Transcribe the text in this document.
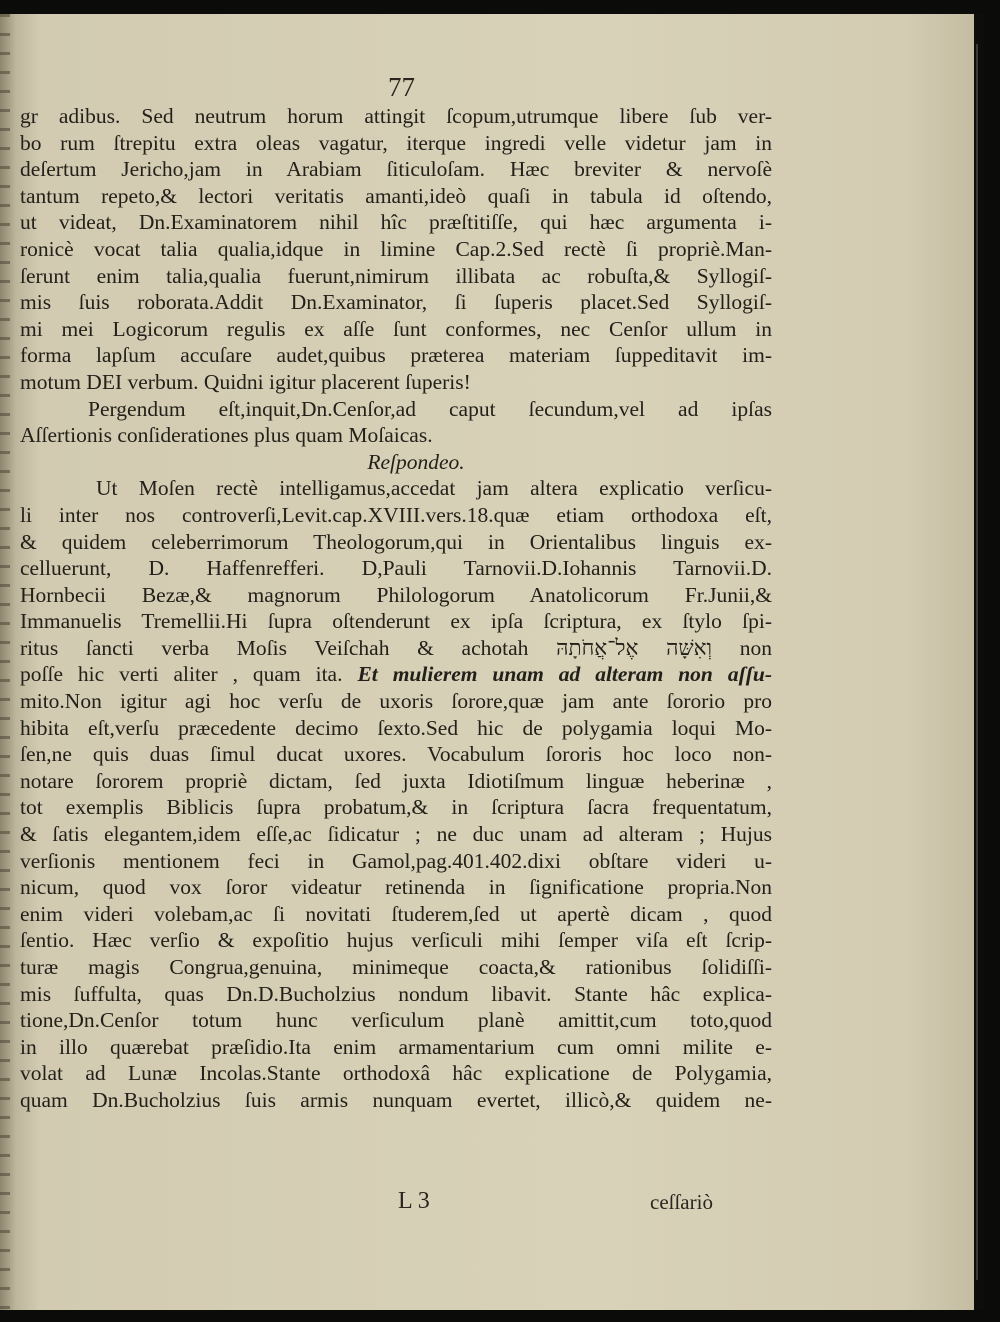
77
gr adibus. Sed neutrum horum attingit ſcopum,utrumque libere ſub ver-
bo rum ſtrepitu extra oleas vagatur, iterque ingredi velle videtur jam in
deſertum Jericho,jam in Arabiam ſiticuloſam. Hæc breviter & nervoſè
tantum repeto,& lectori veritatis amanti,ideò quaſi in tabula id oſtendo,
ut videat, Dn.Examinatorem nihil hîc præſtitiſſe, qui hæc argumenta i-
ronicè vocat talia qualia,idque in limine Cap.2.Sed rectè ſi propriè.Man-
ſerunt enim talia,qualia fuerunt,nimirum illibata ac robuſta,& Syllogiſ-
mis ſuis roborata.Addit Dn.Examinator, ſi ſuperis placet.Sed Syllogiſ-
mi mei Logicorum regulis ex aſſe ſunt conformes, nec Cenſor ullum in
forma lapſum accuſare audet,quibus præterea materiam ſuppeditavit im-
motum DEI verbum. Quidni igitur placerent ſuperis!
Pergendum eſt,inquit,Dn.Cenſor,ad caput ſecundum,vel ad ipſas
Aſſertionis conſiderationes plus quam Moſaicas.
Reſpondeo.
Ut Moſen rectè intelligamus,accedat jam altera explicatio verſicu-
li inter nos controverſi,Levit.cap.XVIII.vers.18.quæ etiam orthodoxa eſt,
& quidem celeberrimorum Theologorum,qui in Orientalibus linguis ex-
celluerunt, D. Haffenrefferi. D,Pauli Tarnovii.D.Iohannis Tarnovii.D.
Hornbecii Bezæ,& magnorum Philologorum Anatolicorum Fr.Junii,&
Immanuelis Tremellii.Hi ſupra oſtenderunt ex ipſa ſcriptura, ex ſtylo ſpi-
ritus ſancti verba Moſis Veiſchah & achotah וְאִשָּׁה אֶל־אֲחֹתָהּ non
poſſe hic verti aliter , quam ita. Et mulierem unam ad alteram non aſſu-
mito.Non igitur agi hoc verſu de uxoris ſorore,quæ jam ante ſororio pro
hibita eſt,verſu præcedente decimo ſexto.Sed hic de polygamia loqui Mo-
ſen,ne quis duas ſimul ducat uxores. Vocabulum ſororis hoc loco non-
notare ſororem propriè dictam, ſed juxta Idiotiſmum linguæ heberinæ ,
tot exemplis Biblicis ſupra probatum,& in ſcriptura ſacra frequentatum,
& ſatis elegantem,idem eſſe,ac ſidicatur ; ne duc unam ad alteram ; Hujus
verſionis mentionem feci in Gamol,pag.401.402.dixi obſtare videri u-
nicum, quod vox ſoror videatur retinenda in ſignificatione propria.Non
enim videri volebam,ac ſi novitati ſtuderem,ſed ut apertè dicam , quod
ſentio. Hæc verſio & expoſitio hujus verſiculi mihi ſemper viſa eſt ſcrip-
turæ magis Congrua,genuina, minimeque coacta,& rationibus ſolidiſſi-
mis ſuffulta, quas Dn.D.Bucholzius nondum libavit. Stante hâc explica-
tione,Dn.Cenſor totum hunc verſiculum planè amittit,cum toto,quod
in illo quærebat præſidio.Ita enim armamentarium cum omni milite e-
volat ad Lunæ Incolas.Stante orthodoxâ hâc explicatione de Polygamia,
quam Dn.Bucholzius ſuis armis nunquam evertet, illicò,& quidem ne-
L 3	ceſſariò
